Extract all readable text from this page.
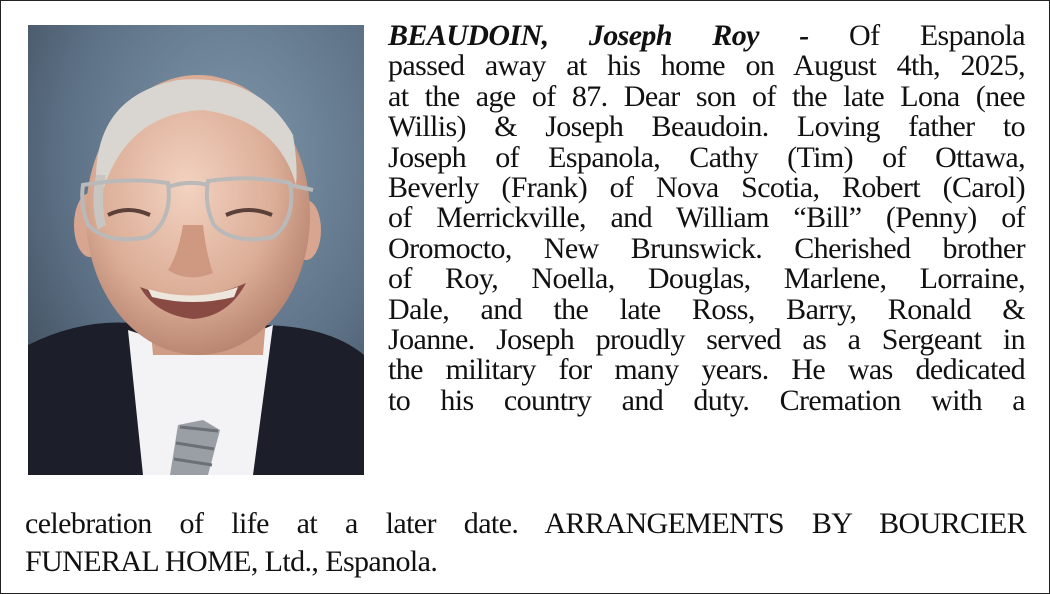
BEAUDOIN, Joseph Roy - Of Espanola
passed away at his home on August 4th, 2025,
at the age of 87. Dear son of the late Lona (nee
Willis) & Joseph Beaudoin. Loving father to
Joseph of Espanola, Cathy (Tim) of Ottawa,
Beverly (Frank) of Nova Scotia, Robert (Carol)
of Merrickville, and William “Bill” (Penny) of
Oromocto, New Brunswick. Cherished brother
of Roy, Noella, Douglas, Marlene, Lorraine,
Dale, and the late Ross, Barry, Ronald &
Joanne. Joseph proudly served as a Sergeant in
the military for many years. He was dedicated
to his country and duty. Cremation with a
celebration of life at a later date. ARRANGEMENTS BY BOURCIER
FUNERAL HOME, Ltd., Espanola.
